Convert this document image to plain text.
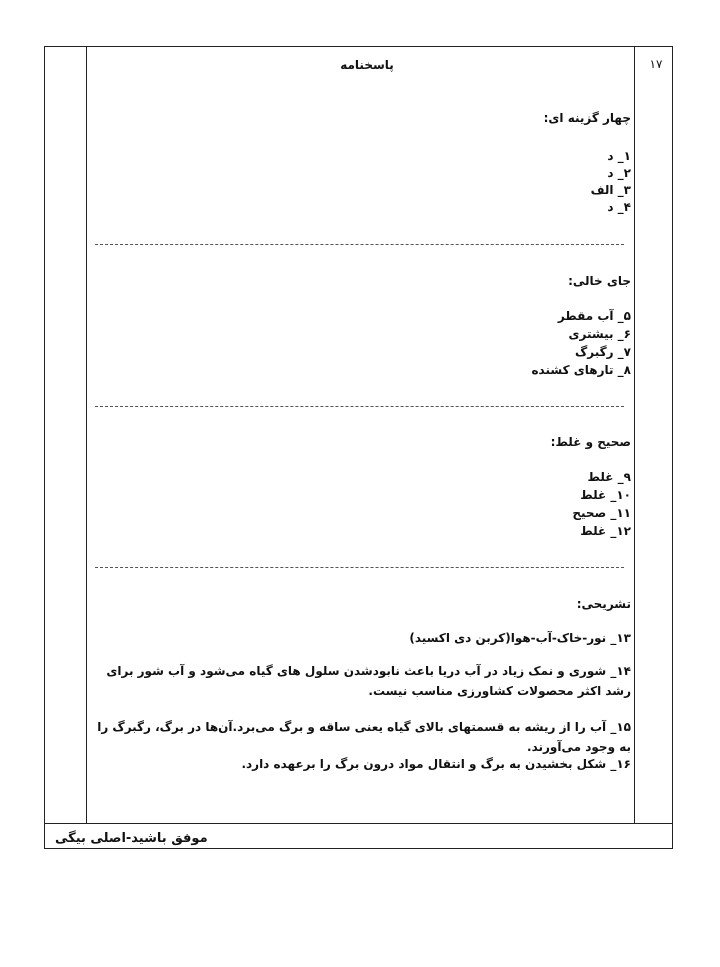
۱۷
پاسخنامه
چهار گزینه ای:
۱_ د
۲_ د
۳_ الف
۴_ د
جای خالی:
۵_ آب مقطر
۶_ بیشتری
۷_ رگبرگ
۸_ تارهای کشنده
صحیح و غلط:
۹_ غلط
۱۰_ غلط
۱۱_ صحیح
۱۲_ غلط
تشریحی:
۱۳_ نور-خاک-آب-هوا(کربن دی اکسید)
۱۴_ شوری و نمک زیاد در آب دریا باعث نابودشدن سلول های گیاه می‌شود و آب شور برای رشد اکثر محصولات کشاورزی مناسب نیست.
۱۵_ آب را از ریشه به قسمتهای بالای گیاه یعنی ساقه و برگ می‌برد.آن‌ها در برگ، رگبرگ را به وجود می‌آورند.
۱۶_ شکل بخشیدن به برگ و انتقال مواد درون برگ را برعهده دارد.
موفق باشید-اصلی بیگی
